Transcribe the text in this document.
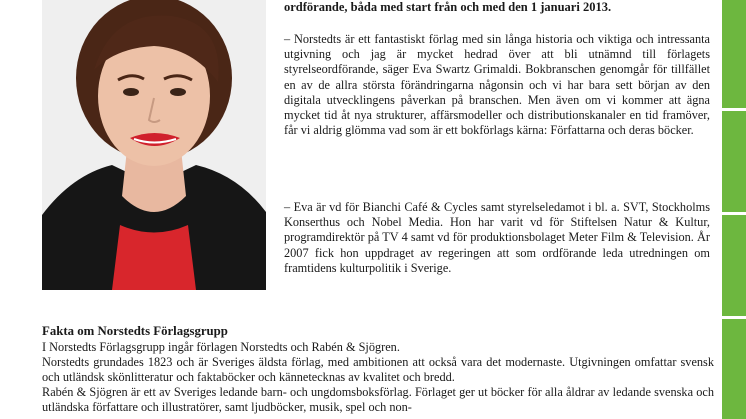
ordförande, båda med start från och med den 1 januari 2013.

– Norstedts är ett fantastiskt förlag med sin långa historia och viktiga och intressanta utgivning och jag är mycket hedrad över att bli utnämnd till förlagets styrelseordförande, säger Eva Swartz Grimaldi. Bokbranschen genomgår för tillfället en av de allra största förändringarna någonsin och vi har bara sett början av den digitala utvecklingens påverkan på branschen. Men även om vi kommer att ägna mycket tid åt nya strukturer, affärsmodeller och distributionskanaler en tid framöver, får vi aldrig glömma vad som är ett bokförlags kärna: Författarna och deras böcker.

– Eva är vd för Bianchi Café & Cycles samt styrelseledamot i bl. a. SVT, Stockholms Konserthus och Nobel Media. Hon har varit vd för Stiftelsen Natur & Kultur, programdirektör på TV 4 samt vd för produktionsbolaget Meter Film & Television. År 2007 fick hon uppdraget av regeringen att som ordförande leda utredningen om framtidens kulturpolitik i Sverige.

Fakta om Norstedts Förlagsgrupp

I Norstedts Förlagsgrupp ingår förlagen Norstedts och Rabén & Sjögren.

Norstedts grundades 1823 och är Sveriges äldsta förlag, med ambitionen att också vara det modernaste. Utgivningen omfattar svensk och utländsk skönlitteratur och faktaböcker och kännetecknas av kvalitet och bredd.

Rabén & Sjögren är ett av Sveriges ledande barn- och ungdomsboksförlag. Förlaget ger ut böcker för alla åldrar av ledande svenska och utländska författare och illustratörer, samt ljudböcker, musik, spel och non-
